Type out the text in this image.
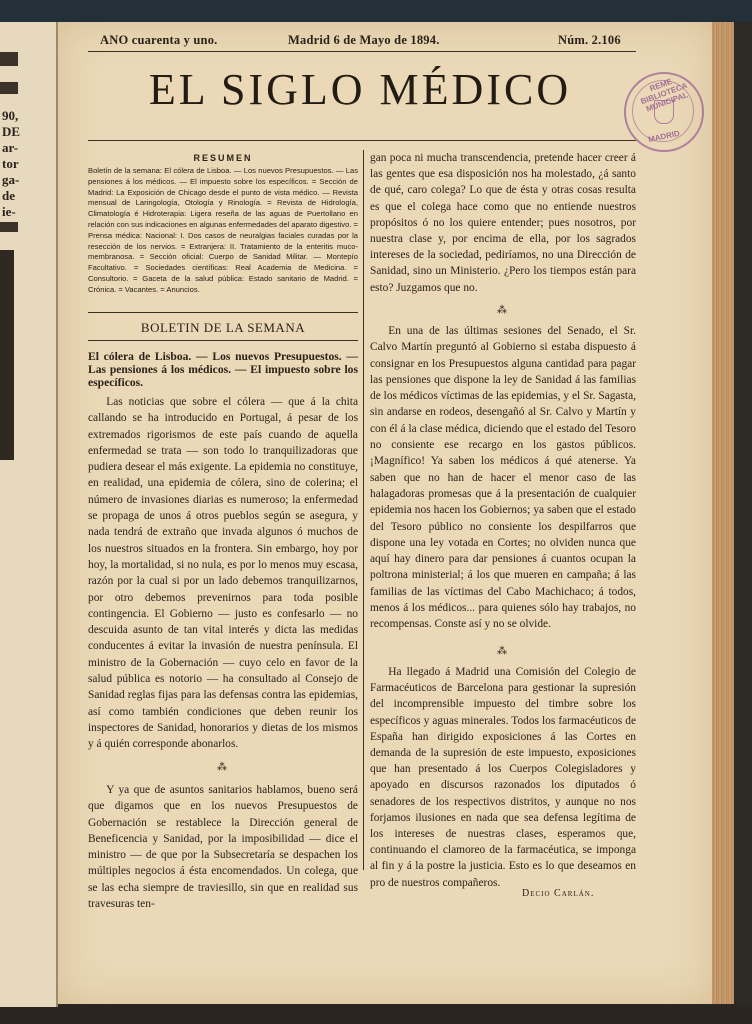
90,
DE
ar-
tor
ga-
de
ie-
ANO cuarenta y uno.	Madrid 6 de Mayo de 1894.	Núm. 2.106
EL SIGLO MÉDICO	REME BIBLIOTECA MUNICIPAL
MADRID
RESUMEN
Boletín de la semana: El cólera de Lisboa. — Los nuevos Presupuestos. — Las pensiones á los médicos. — El impuesto sobre los específicos. = Sección de Madrid: La Exposición de Chicago desde el punto de vista médico. — Revista mensual de Laringología, Otología y Rinología. = Revista de Hidrología, Climatología é Hidroterapia: Ligera reseña de las aguas de Puertollano en relación con sus indicaciones en algunas enfermedades del aparato digestivo. = Prensa médica: Nacional: I. Dos casos de neuralgias faciales curadas por la resección de los nervios. = Extranjera: II. Tratamiento de la enteritis muco-membranosa. = Sección oficial: Cuerpo de Sanidad Militar. — Montepío Facultativo. = Sociedades científicas: Real Academia de Medicina. = Consultorio. = Gaceta de la salud pública: Estado sanitario de Madrid. = Crónica. = Vacantes. = Anuncios.
BOLETIN DE LA SEMANA
El cólera de Lisboa. — Los nuevos Presupuestos. — Las pensiones á los médicos. — El impuesto sobre los específicos.

Las noticias que sobre el cólera — que á la chita callando se ha introducido en Portugal, á pesar de los extremados rigorismos de este país cuando de aquella enfermedad se trata — son todo lo tranquilizadoras que pudiera desear el más exigente. La epidemia no constituye, en realidad, una epidemia de cólera, sino de colerina; el número de invasiones diarias es numeroso; la enfermedad se propaga de unos á otros pueblos según se asegura, y nada tendrá de extraño que invada algunos ó muchos de los nuestros situados en la frontera. Sin embargo, hoy por hoy, la mortalidad, si no nula, es por lo menos muy escasa, razón por la cual si por un lado debemos tranquilizarnos, por otro debemos prevenirnos para toda posible contingencia. El Gobierno — justo es confesarlo — no descuida asunto de tan vital interés y dicta las medidas conducentes á evitar la invasión de nuestra península. El ministro de la Gobernación — cuyo celo en favor de la salud pública es notorio — ha consultado al Consejo de Sanidad reglas fijas para las defensas contra las epidemias, así como también condiciones que deben reunir los inspectores de Sanidad, honorarios y dietas de los mismos y á quién corresponde abonarlos.

⁂

Y ya que de asuntos sanitarios hablamos, bueno será que digamos que en los nuevos Presupuestos de Gobernación se restablece la Dirección general de Beneficencia y Sanidad, por la imposibilidad — dice el ministro — de que por la Subsecretaría se despachen los múltiples negocios á ésta encomendados. Un colega, que se las echa siempre de traviesillo, sin que en realidad sus travesuras ten-

gan poca ni mucha transcendencia, pretende hacer creer á las gentes que esa disposición nos ha molestado, ¿á santo de qué, caro colega? Lo que de ésta y otras cosas resulta es que el colega hace como que no entiende nuestros propósitos ó no los quiere entender; pues nosotros, por nuestra clase y, por encima de ella, por los sagrados intereses de la sociedad, pediríamos, no una Dirección de Sanidad, sino un Ministerio. ¿Pero los tiempos están para esto? Juzgamos que no.

⁂

En una de las últimas sesiones del Senado, el Sr. Calvo Martín preguntó al Gobierno si estaba dispuesto á consignar en los Presupuestos alguna cantidad para pagar las pensiones que dispone la ley de Sanidad á las familias de los médicos víctimas de las epidemias, y el Sr. Sagasta, sin andarse en rodeos, desengañó al Sr. Calvo y Martín y con él á la clase médica, diciendo que el estado del Tesoro no consiente ese recargo en los gastos públicos. ¡Magnífico! Ya saben los médicos á qué atenerse. Ya saben que no han de hacer el menor caso de las halagadoras promesas que á la presentación de cualquier epidemia nos hacen los Gobiernos; ya saben que el estado del Tesoro público no consiente los despilfarros que dispone una ley votada en Cortes; no olviden nunca que aquí hay dinero para dar pensiones á cuantos ocupan la poltrona ministerial; á los que mueren en campaña; á las familias de las víctimas del Cabo Machichaco; á todos, menos á los médicos... para quienes sólo hay trabajos, no recompensas. Conste así y no se olvide.

⁂

Ha llegado á Madrid una Comisión del Colegio de Farmacéuticos de Barcelona para gestionar la supresión del incomprensible impuesto del timbre sobre los específicos y aguas minerales. Todos los farmacéuticos de España han dirigido exposiciones á las Cortes en demanda de la supresión de este impuesto, exposiciones que han presentado á los Cuerpos Colegisladores y apoyado en discursos razonados los diputados ó senadores de los respectivos distritos, y aunque no nos forjamos ilusiones en nada que sea defensa legítima de los intereses de nuestras clases, esperamos que, continuando el clamoreo de la farmacéutica, se imponga al fin y á la postre la justicia. Esto es lo que deseamos en pro de nuestros compañeros.

Decio Carlán.
